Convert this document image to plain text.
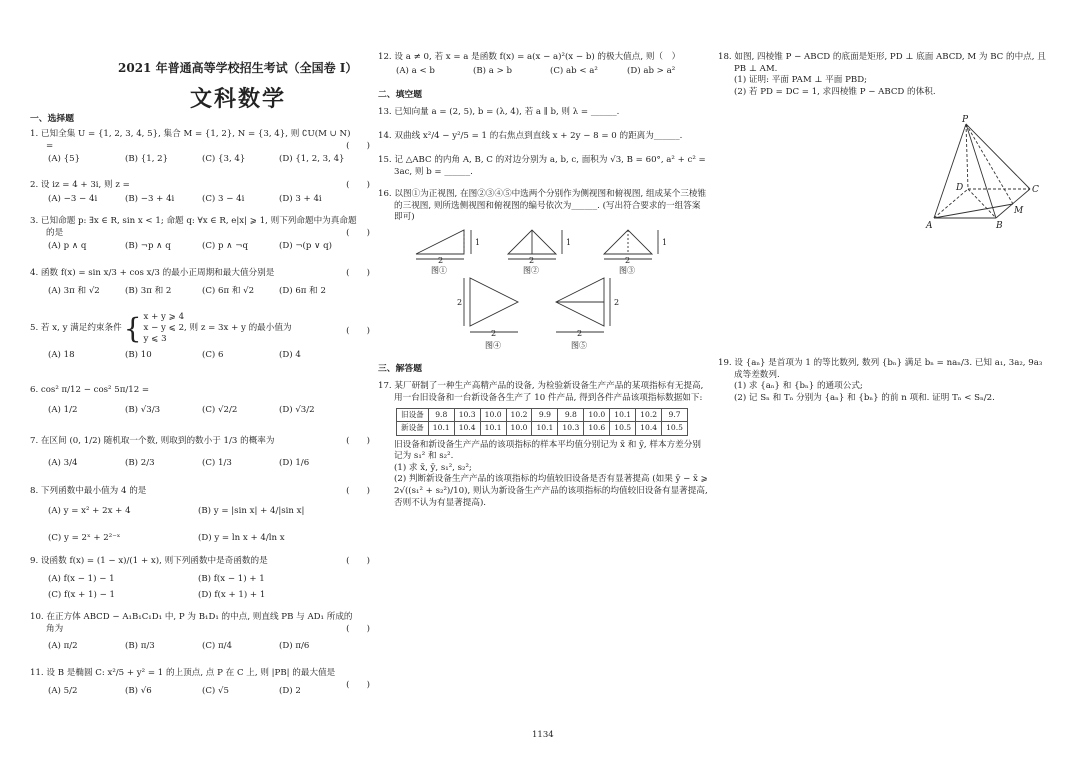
2021 年普通高等学校招生考试（全国卷 I）
文科数学
一、选择题

1. 已知全集 U = {1, 2, 3, 4, 5}, 集合 M = {1, 2}, N = {3, 4}, 则 ∁U(M ∪ N) =	(　　)
(A) {5}	(B) {1, 2}	(C) {3, 4}	(D) {1, 2, 3, 4}

2. 设 iz = 4 + 3i, 则 z =	(　　)
(A) −3 − 4i	(B) −3 + 4i	(C) 3 − 4i	(D) 3 + 4i

3. 已知命题 p: ∃x ∈ R, sin x < 1; 命题 q: ∀x ∈ R, e|x| ⩾ 1, 则下列命题中为真命题的是	(　　)
(A) p ∧ q	(B) ¬p ∧ q	(C) p ∧ ¬q	(D) ¬(p ∨ q)

4. 函数 f(x) = sin x/3 + cos x/3 的最小正周期和最大值分别是	(　　)
(A) 3π 和 √2	(B) 3π 和 2	(C) 6π 和 √2	(D) 6π 和 2
5. 若 x, y 满足约束条件 { x + y ⩾ 4
x − y ⩽ 2
y ⩽ 3
, 则 z = 3x + y 的最小值为	(　　)
(A) 18	(B) 10	(C) 6	(D) 4

6. cos² π/12 − cos² 5π/12 =

(A) 1/2	(B) √3/3	(C) √2/2	(D) √3/2

7. 在区间 (0, 1/2) 随机取一个数, 则取到的数小于 1/3 的概率为	(　　)
(A) 3/4	(B) 2/3	(C) 1/3	(D) 1/6

8. 下列函数中最小值为 4 的是	(　　)
(A) y = x² + 2x + 4	(B) y = |sin x| + 4/|sin x|
(C) y = 2ˣ + 2²⁻ˣ	(D) y = ln x + 4/ln x

9. 设函数 f(x) = (1 − x)/(1 + x), 则下列函数中是奇函数的是	(　　)
(A) f(x − 1) − 1	(B) f(x − 1) + 1
(C) f(x + 1) − 1	(D) f(x + 1) + 1

10. 在正方体 ABCD − A₁B₁C₁D₁ 中, P 为 B₁D₁ 的中点, 则直线 PB 与 AD₁ 所成的角为	(　　)
(A) π/2	(B) π/3	(C) π/4	(D) π/6

11. 设 B 是椭圆 C: x²/5 + y² = 1 的上顶点, 点 P 在 C 上, 则 |PB| 的最大值是

(　　)
(A) 5/2	(B) √6	(C) √5	(D) 2

12. 设 a ≠ 0, 若 x = a 是函数 f(x) = a(x − a)²(x − b) 的极大值点, 则（　）

(A) a < b	(B) a > b	(C) ab < a²	(D) ab > a²
二、填空题

13. 已知向量 a = (2, 5), b = (λ, 4), 若 a ∥ b, 则 λ = ______.

14. 双曲线 x²/4 − y²/5 = 1 的右焦点到直线 x + 2y − 8 = 0 的距离为______.

15. 记 △ABC 的内角 A, B, C 的对边分别为 a, b, c, 面积为 √3, B = 60°, a² + c² = 3ac, 则 b = ______.

16. 以图①为正视图, 在图②③④⑤中选两个分别作为侧视图和俯视图, 组成某个三棱锥的三视图, 则所选侧视图和俯视图的编号依次为______. (写出符合要求的一组答案即可)

1
2
图①
1
2
图②
1
2
图③
2
2
图④
2
2
图⑤
三、解答题

17. 某厂研制了一种生产高精产品的设备, 为检验新设备生产产品的某项指标有无提高, 用一台旧设备和一台新设备各生产了 10 件产品, 得到各件产品该项指标数据如下:

旧设备	9.8	10.3	10.0	10.2	9.9	9.8	10.0	10.1	10.2	9.7
新设备	10.1	10.4	10.1	10.0	10.1	10.3	10.6	10.5	10.4	10.5

旧设备和新设备生产产品的该项指标的样本平均值分别记为 x̄ 和 ȳ, 样本方差分别记为 s₁² 和 s₂².

(1) 求 x̄, ȳ, s₁², s₂²;

(2) 判断新设备生产产品的该项指标的均值较旧设备是否有显著提高 (如果 ȳ − x̄ ⩾ 2√((s₁² + s₂²)/10), 则认为新设备生产产品的该项指标的均值较旧设备有显著提高, 否则不认为有显著提高).

18. 如图, 四棱锥 P − ABCD 的底面是矩形, PD ⊥ 底面 ABCD, M 为 BC 的中点, 且 PB ⊥ AM.

(1) 证明: 平面 PAM ⊥ 平面 PBD;

(2) 若 PD = DC = 1, 求四棱锥 P − ABCD 的体积.

P
A	B
C
D
M

19. 设 {aₙ} 是首项为 1 的等比数列, 数列 {bₙ} 满足 bₙ = naₙ/3. 已知 a₁, 3a₂, 9a₃ 成等差数列.

(1) 求 {aₙ} 和 {bₙ} 的通项公式;

(2) 记 Sₙ 和 Tₙ 分别为 {aₙ} 和 {bₙ} 的前 n 项和. 证明 Tₙ < Sₙ/2.

1134
